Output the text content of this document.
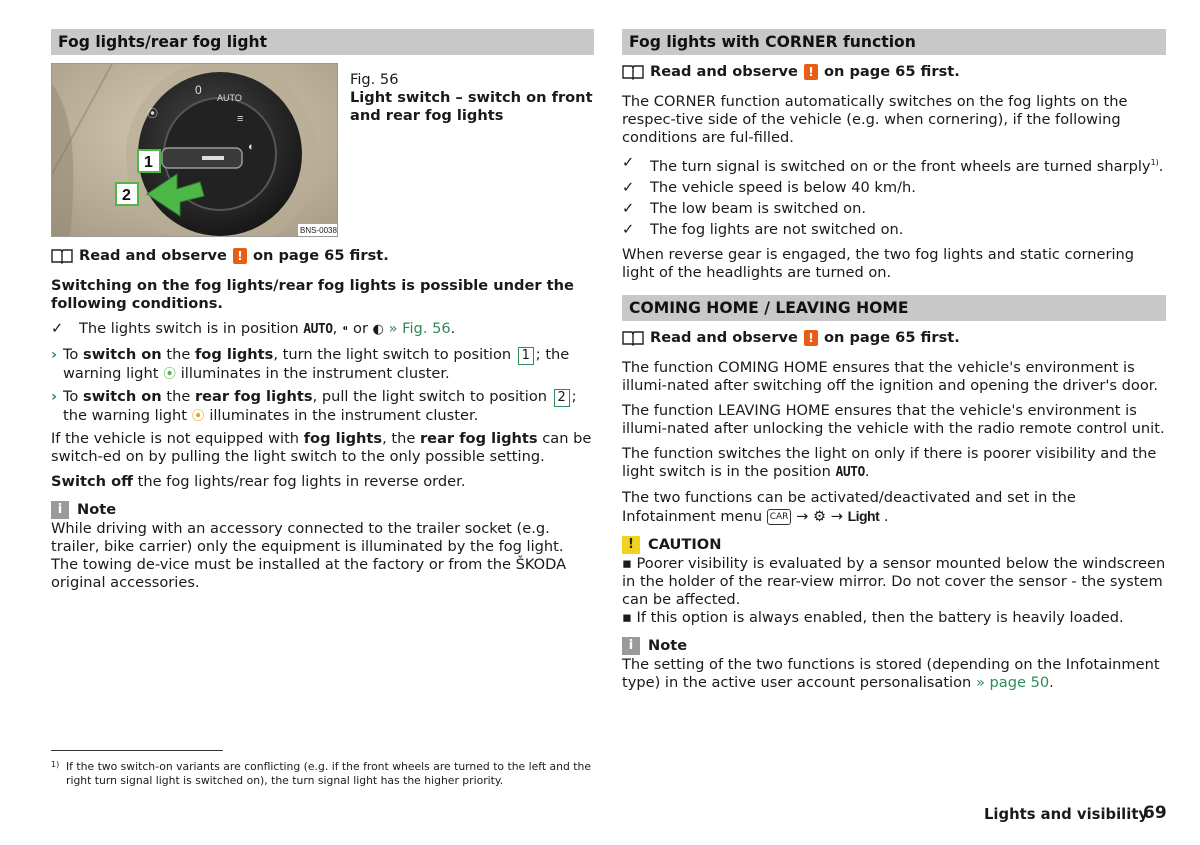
Fog lights/rear fog light
0
AUTO
⦿	≡
◐
1
2
BNS-0038
Fig. 56
Light switch – switch on front and rear fog lights
Read and observe ! on page 65 first.

Switching on the fog lights/rear fog lights is possible under the following conditions.

✓ The lights switch is in position AUTO, ⁌ or ◐ » Fig. 56.
› To switch on the fog lights, turn the light switch to position 1 ; the warning light ⦿ illuminates in the instrument cluster.
› To switch on the rear fog lights, pull the light switch to position 2 ; the warning light ⦿ illuminates in the instrument cluster.

If the vehicle is not equipped with fog lights, the rear fog lights can be switch-ed on by pulling the light switch to the only possible setting.

Switch off the fog lights/rear fog lights in reverse order.

i	Note

While driving with an accessory connected to the trailer socket (e.g. trailer, bike carrier) only the equipment is illuminated by the fog light. The towing de-vice must be installed at the factory or from the ŠKODA original accessories.

Fog lights with CORNER function
Read and observe ! on page 65 first.

The CORNER function automatically switches on the fog lights on the respec-tive side of the vehicle (e.g. when cornering), if the following conditions are ful-filled.

✓ The turn signal is switched on or the front wheels are turned sharply$^{1)}$.
✓ The vehicle speed is below 40 km/h.
✓ The low beam is switched on.
✓ The fog lights are not switched on.

When reverse gear is engaged, the two fog lights and static cornering light of the headlights are turned on.

COMING HOME / LEAVING HOME
Read and observe ! on page 65 first.

The function COMING HOME ensures that the vehicle's environment is illumi-nated after switching off the ignition and opening the driver's door.

The function LEAVING HOME ensures that the vehicle's environment is illumi-nated after unlocking the vehicle with the radio remote control unit.

The function switches the light on only if there is poorer visibility and the light switch is in the position AUTO.

The two functions can be activated/deactivated and set in the Infotainment menu CAR → ⚙ → Light .

! CAUTION
▪ Poorer visibility is evaluated by a sensor mounted below the windscreen in the holder of the rear-view mirror. Do not cover the sensor - the system can be affected.
▪ If this option is always enabled, then the battery is heavily loaded.
i	Note

The setting of the two functions is stored (depending on the Infotainment type) in the active user account personalisation » page 50.

1) If the two switch-on variants are conflicting (e.g. if the front wheels are turned to the left and the right turn signal light is switched on), the turn signal light has the higher priority.
Lights and visibility
69
